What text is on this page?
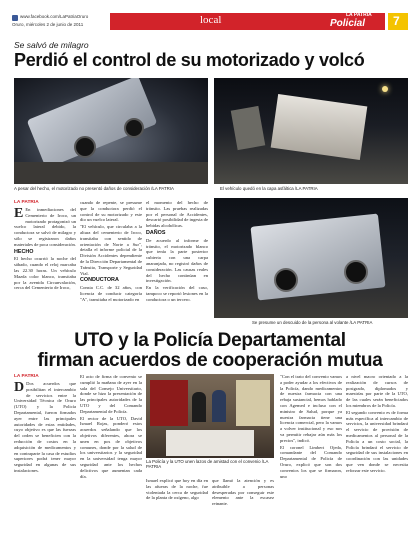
www.facebook.com/LaPatriaOruro
Oruro, miércoles 2 de junio de 2011	local	LA PATRIA
Policial 7
Se salvó de milagro
Perdió el control de su motorizado y volcó
A pesar del hecho, el motorizado no presentó daños de consideración /LA PATRIA	El vehículo quedó en la capa asfáltica /LA PATRIA
LA PATRIA

E En inmediaciones del Cementerio de Iroco, un motorizado protagonizó un vuelco lateral debido, la conductora se salvó de milagro y sólo se registraron daños materiales de poca consideración.

HECHO

El hecho ocurrió la noche del sábado, cuando el reloj marcaba las 22.30 horas. Un vehículo Mazda color blanco, transitaba por la avenida Circunvalación, cerca del Cementerio de Iroco,

cuando de repente, se presume que la conductora perdió el control de su motorizado y este dio un vuelco lateral.

"El vehículo, que circulaba a la altura del cementerio de Iroco, transitaba con sentido de orientación de Norte a Sur", detalla el informe policial de la División Accidentes dependiente de la Dirección Departamental de Tránsito, Transporte y Seguridad Vial.

CONDUCTORA

Consta C.C. de 32 años, con licencia de conducir categoría "A", transitaba el motorizado en

el momento del hecho de tránsito. Las pruebas realizadas por el personal de Accidentes, descartó posibilidad de ingesta de bebidas alcohólicas.

DAÑOS

De acuerdo al informe de tránsito, el motorizado blanco que tenía la parte posterior cubierta con una carpa anaranjada, no registró daños de consideración. Las causas reales del hecho continúan en investigación.

En la verificación del caso, tampoco se reportó lesiones en la conductora o un tercero.

Se presume un descuido de la persona al volante /LA PATRIA
UTO y la Policía Departamental
firman acuerdos de cooperación mutua
LA PATRIA

D Dos acuerdos que posibilitan el intercambio de servicios entre la Universidad Técnica de Oruro (UTO) y la Policía Departamental, fueron firmados ayer entre las principales autoridades de estas entidades, cuyo objetivo es que las fuerzas del orden se beneficien con la reducción de costos en la adquisición de medicamentos y en contraparte la casa de estudios superiores podrá tener mayor seguridad en algunas de sus instalaciones.

El acto de firma de convenio se cumplió la mañana de ayer en la sala del Consejo Universitario, donde se hizo la presentación de las principales autoridades de la UTO y del Comando Departamental de Policía.

El rector de la UTO, David Ismael Rojas, ponderó estos acuerdos señalando que los objetivos diferentes, ahora se unen en pos de objetivos comunes, donde por la salud de los universitarios y la seguridad en la universidad tenga mayor seguridad ante los hechos delictivos que aumentan cada día.

La Policía y la UTO unen lazos de amistad con el convenio /LA PATRIA

Ismael explicó que hoy en día en las afueras de la noche, fue violentada la cerca de seguridad de la planta de oxígeno, algo

que llamó la atención y es atribuible a personas desesperadas por conseguir este elemento ante la escasez reinante.

"Con el trato del convenio vamos a poder ayudar a los efectivos de la Policía, dando medicamentos de nuestra farmacia con una rebaja sustancial, hemos hablado con Agemed e incluso con el ministro de Salud, porque ya nuestra farmacia tiene una licencia comercial, pero la vamos a volver institucional y eso nos va permitir rebajar aún más los precios", indicó.

El coronel Limbert Ojeda, comandante del Comando Departamental de Policía de Oruro, explicó que son dos convenios los que se firmaron, uno

a nivel macro orientado a la realización de cursos de postgrado, diplomados y maestrías por parte de la UTO, de las cuales serán beneficiados los miembros de la Policía.

El segundo convenio es de forma más específica al intercambio de servicios, la universidad brindará el servicio de provisión de medicamentos al personal de la Policía a un costo social, la Policía brindará el servicio de seguridad de sus instalaciones en coordinación con las unidades que ven donde se necesita reforzar este servicio.
